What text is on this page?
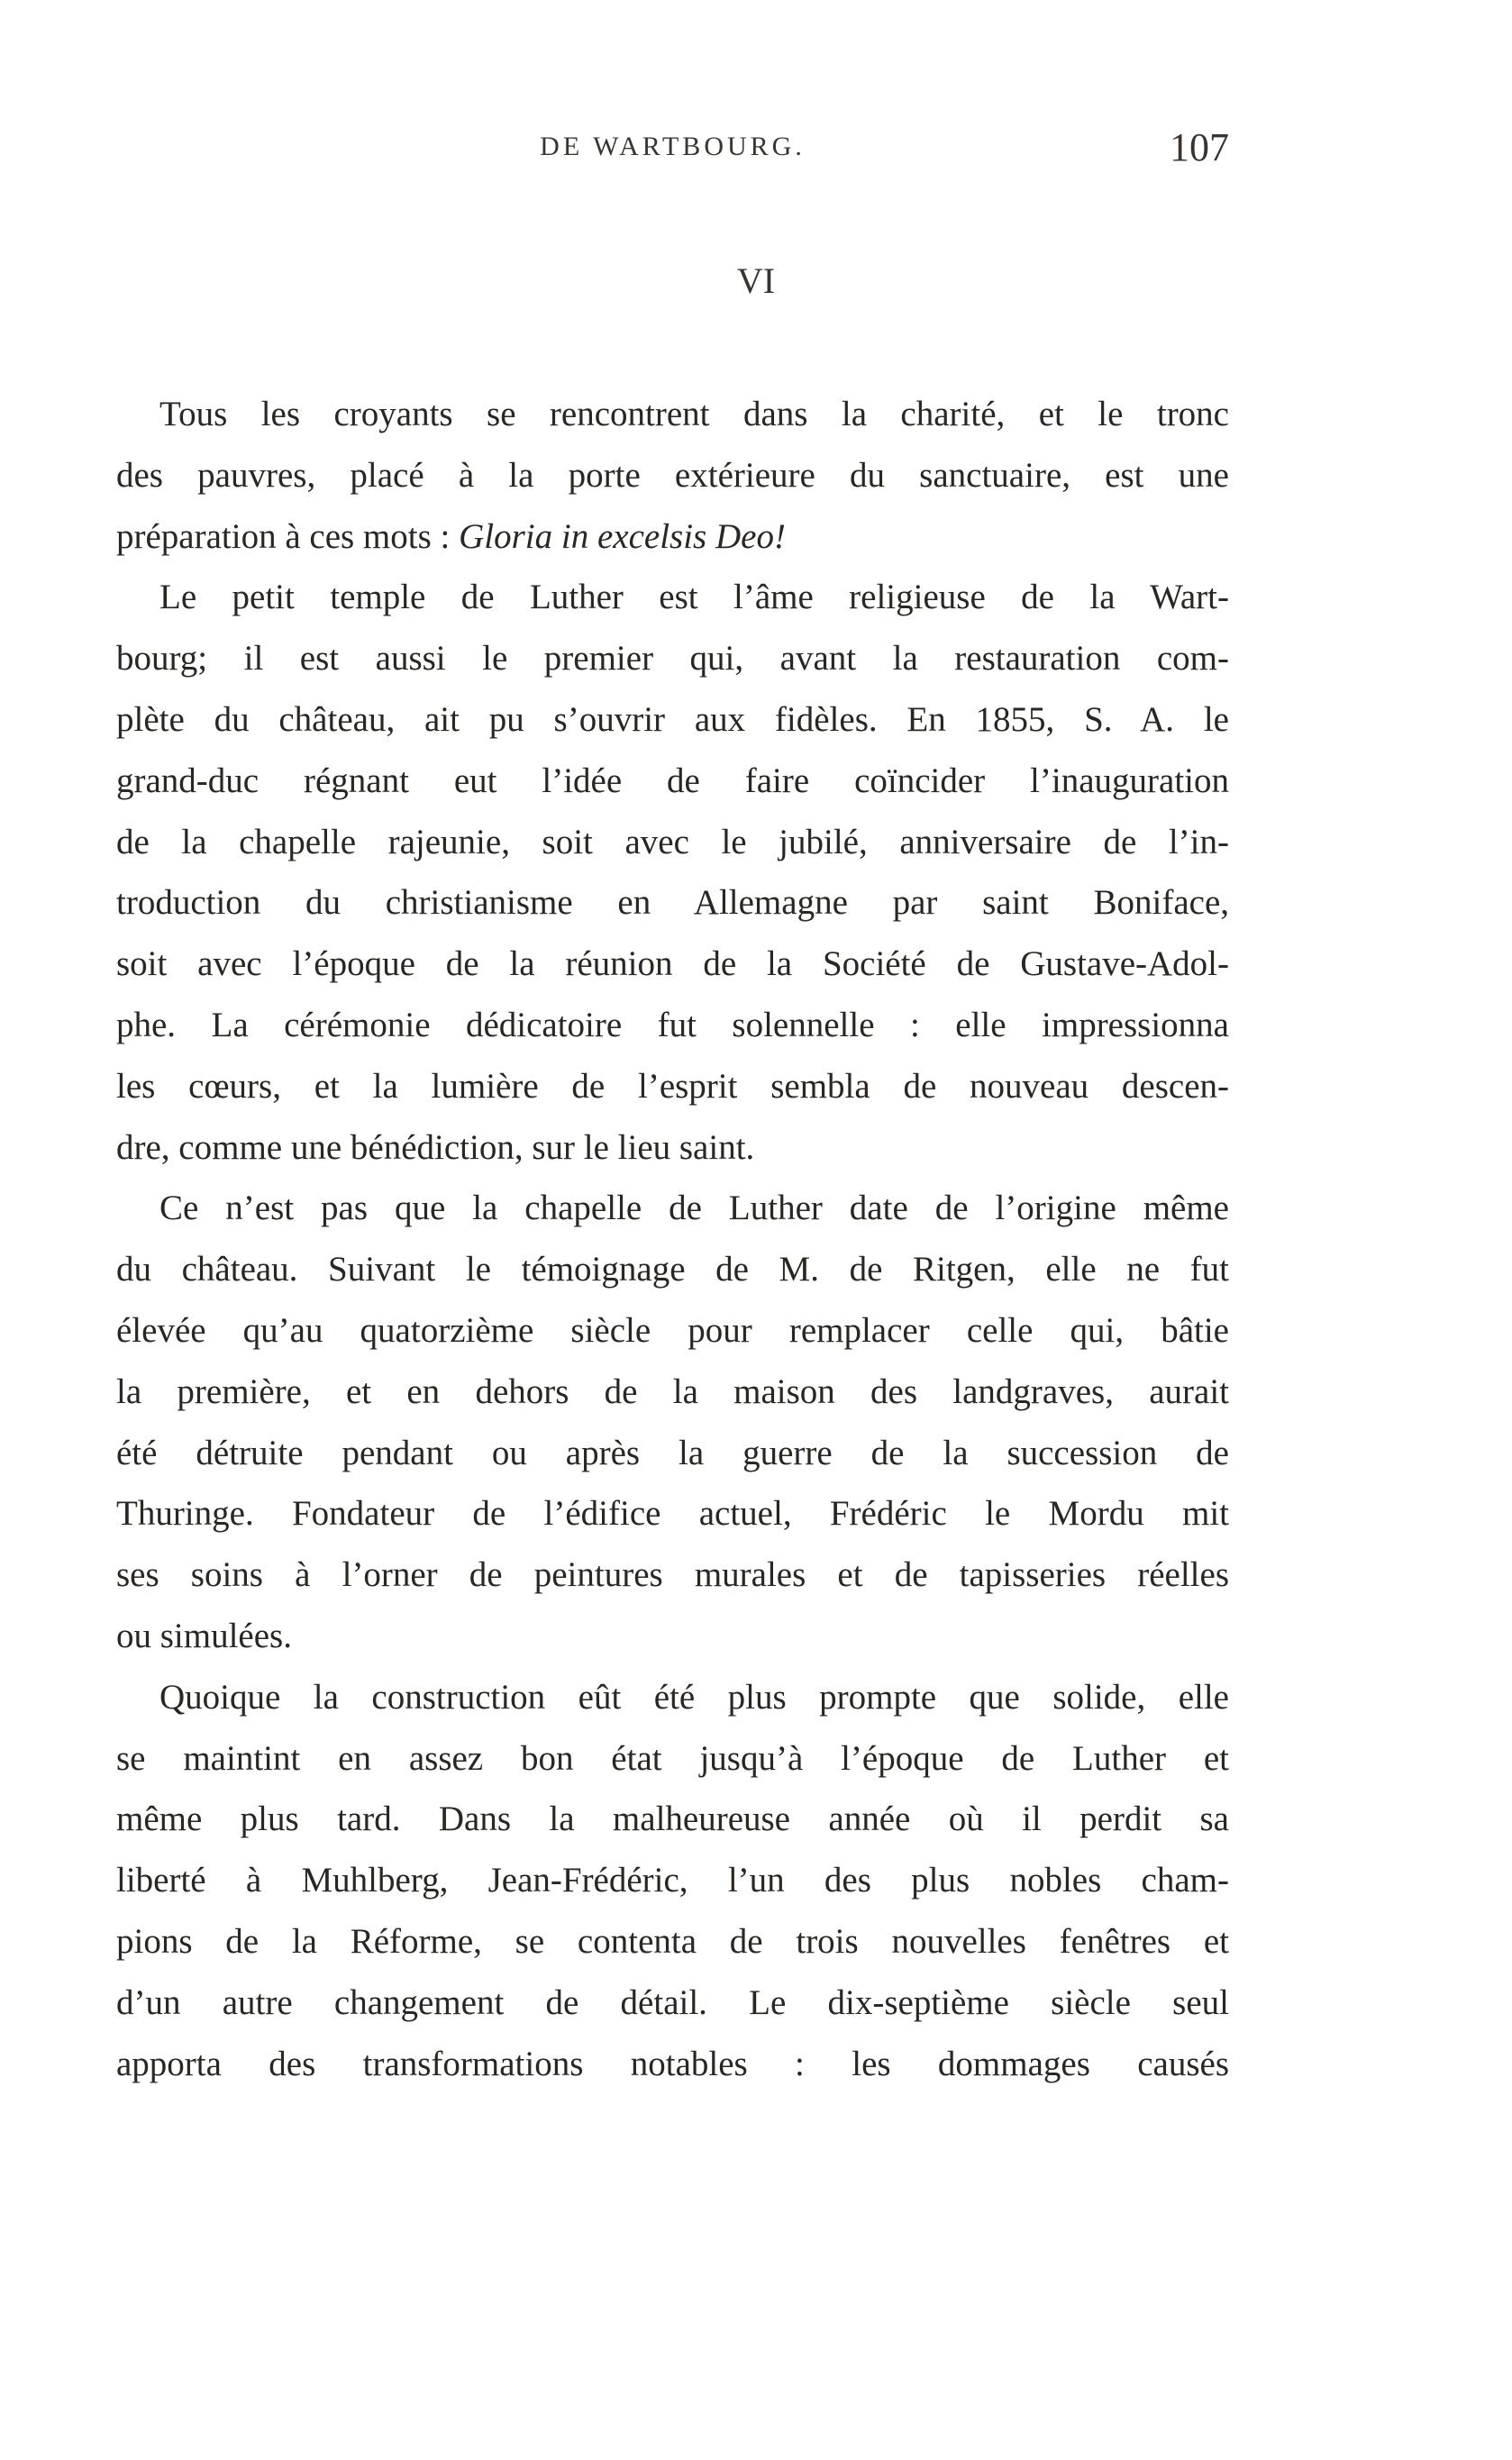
DE WARTBOURG.	107
VI
Tous les croyants se rencontrent dans la charité, et le tronc
des pauvres, placé à la porte extérieure du sanctuaire, est une
préparation à ces mots : Gloria in excelsis Deo!
Le petit temple de Luther est l’âme religieuse de la Wart-
bourg; il est aussi le premier qui, avant la restauration com-
plète du château, ait pu s’ouvrir aux fidèles. En 1855, S. A. le
grand-duc régnant eut l’idée de faire coïncider l’inauguration
de la chapelle rajeunie, soit avec le jubilé, anniversaire de l’in-
troduction du christianisme en Allemagne par saint Boniface,
soit avec l’époque de la réunion de la Société de Gustave-Adol-
phe. La cérémonie dédicatoire fut solennelle : elle impressionna
les cœurs, et la lumière de l’esprit sembla de nouveau descen-
dre, comme une bénédiction, sur le lieu saint.
Ce n’est pas que la chapelle de Luther date de l’origine même
du château. Suivant le témoignage de M. de Ritgen, elle ne fut
élevée qu’au quatorzième siècle pour remplacer celle qui, bâtie
la première, et en dehors de la maison des landgraves, aurait
été détruite pendant ou après la guerre de la succession de
Thuringe. Fondateur de l’édifice actuel, Frédéric le Mordu mit
ses soins à l’orner de peintures murales et de tapisseries réelles
ou simulées.
Quoique la construction eût été plus prompte que solide, elle
se maintint en assez bon état jusqu’à l’époque de Luther et
même plus tard. Dans la malheureuse année où il perdit sa
liberté à Muhlberg, Jean-Frédéric, l’un des plus nobles cham-
pions de la Réforme, se contenta de trois nouvelles fenêtres et
d’un autre changement de détail. Le dix-septième siècle seul
apporta des transformations notables : les dommages causés
